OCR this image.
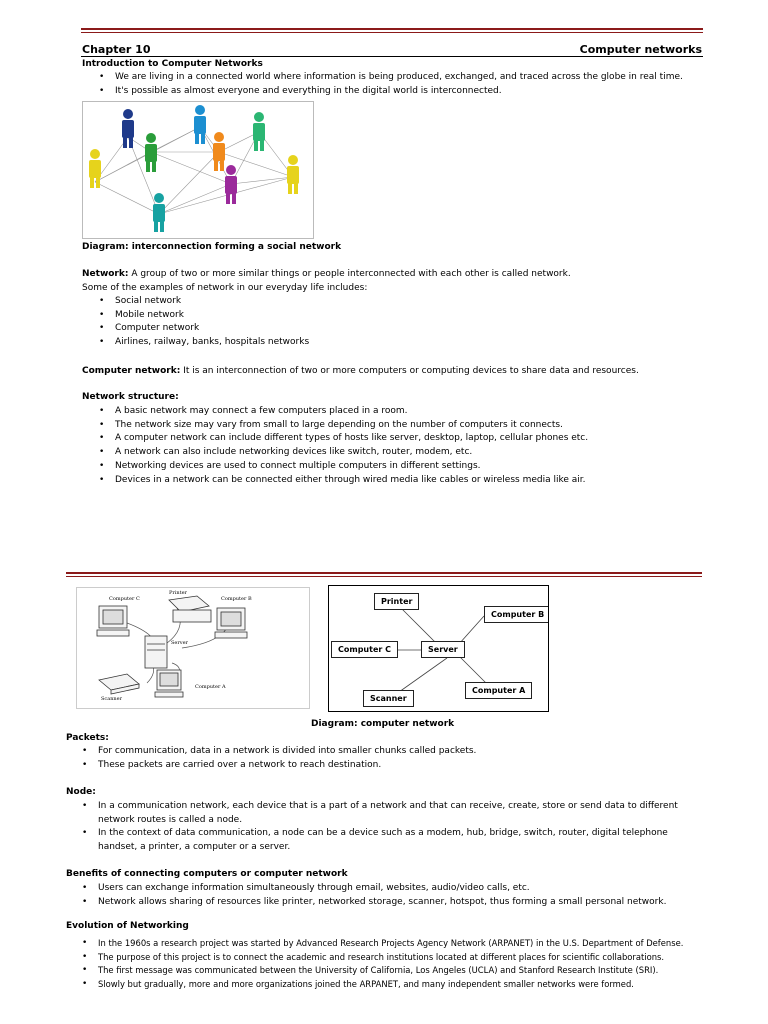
Chapter 10	Computer networks
Introduction to Computer Networks
• We are living in a connected world where information is being produced, exchanged, and traced across the globe in real time.
• It's possible as almost everyone and everything in the digital world is interconnected.
Diagram: interconnection forming a social network
Network: A group of two or more similar things or people interconnected with each other is called network.
Some of the examples of network in our everyday life includes:
• Social network
• Mobile network
• Computer network
• Airlines, railway, banks, hospitals networks
Computer network: It is an interconnection of two or more computers or computing devices to share data and resources.
Network structure:
• A basic network may connect a few computers placed in a room.
• The network size may vary from small to large depending on the number of computers it connects.
• A computer network can include different types of hosts like server, desktop, laptop, cellular phones etc.
• A network can also include networking devices like switch, router, modem, etc.
• Networking devices are used to connect multiple computers in different settings.
• Devices in a network can be connected either through wired media like cables or wireless media like air.
Printer
Computer C	Computer B
Server
Computer A
Scanner
Printer
Computer B
Computer C	Server
Scanner
Computer A
Diagram: computer network
Packets:
• For communication, data in a network is divided into smaller chunks called packets.
• These packets are carried over a network to reach destination.
Node:
• In a communication network, each device that is a part of a network and that can receive, create, store or send data to different network routes is called a node.
• In the context of data communication, a node can be a device such as a modem, hub, bridge, switch, router, digital telephone handset, a printer, a computer or a server.
Benefits of connecting computers or computer network
• Users can exchange information simultaneously through email, websites, audio/video calls, etc.
• Network allows sharing of resources like printer, networked storage, scanner, hotspot, thus forming a small personal network.
Evolution of Networking
• In the 1960s a research project was started by Advanced Research Projects Agency Network (ARPANET) in the U.S. Department of Defense.
• The purpose of this project is to connect the academic and research institutions located at different places for scientific collaborations.
• The first message was communicated between the University of California, Los Angeles (UCLA) and Stanford Research Institute (SRI).
• Slowly but gradually, more and more organizations joined the ARPANET, and many independent smaller networks were formed.
